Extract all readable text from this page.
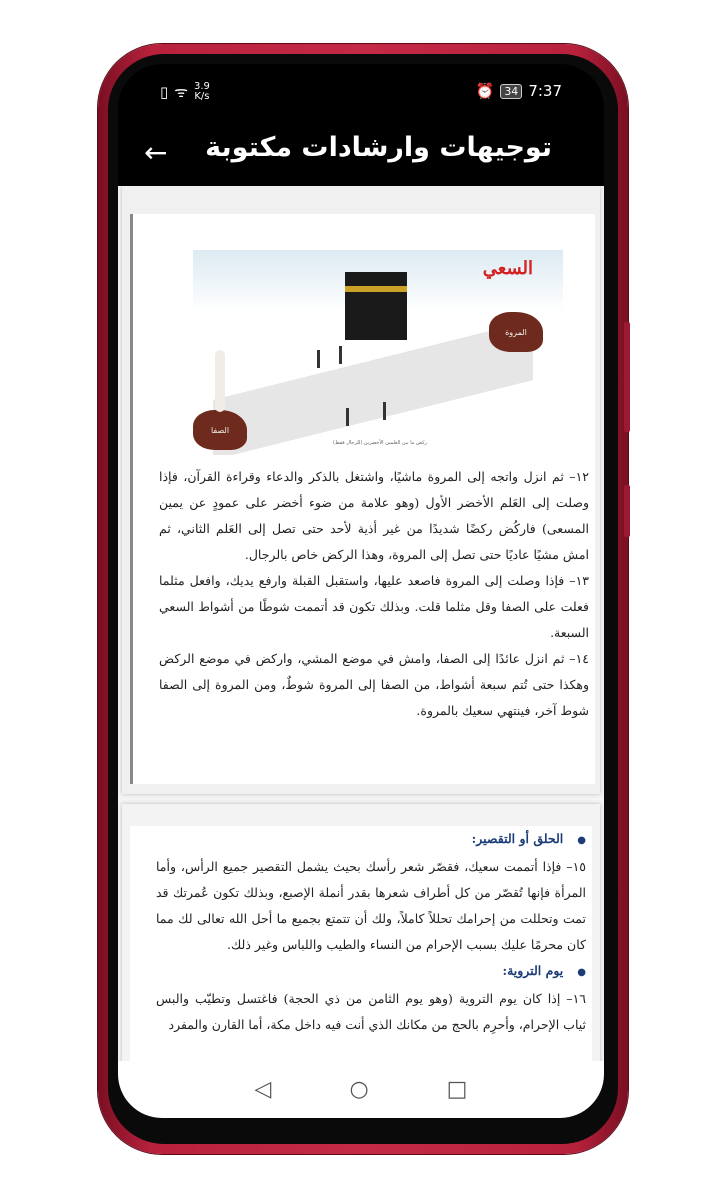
▯ ᯤ 3.9
K/s	⏰ 34 7:37
← توجيهات وارشادات مكتوبة
السعي
المروة
الصفا
ركض ما بين العلمين الأخضرين (للرجال فقط)

١٢– ثم انزل واتجه إلى المروة ماشيًا، واشتغل بالذكر والدعاء وقراءة القرآن، فإذا وصلت إلى العَلم الأخضر الأول (وهو علامة من ضوء أخضر على عمودٍ عن يمين المسعى) فاركُض ركضًا شديدًا من غير أذية لأحد حتى تصل إلى العَلم الثاني، ثم امش مشيًا عاديًا حتى تصل إلى المروة، وهذا الركض خاص بالرجال.

١٣– فإذا وصلت إلى المروة فاصعد عليها، واستقبل القبلة وارفع يديك، وافعل مثلما فعلت على الصفا وقل مثلما قلت. وبذلك تكون قد أتممت شوطًا من أشواط السعي السبعة.

١٤– ثم انزل عائدًا إلى الصفا، وامش في موضع المشي، واركض في موضع الركض وهكذا حتى تُتم سبعة أشواط، من الصفا إلى المروة شوطٌ، ومن المروة إلى الصفا شوط آخر، فينتهي سعيك بالمروة.

● الحلق أو التقصير:

١٥– فإذا أتممت سعيك، فقصّر شعر رأسك بحيث يشمل التقصير جميع الرأس، وأما المرأة فإنها تُقصّر من كل أطراف شعرها بقدر أنملة الإصبع، وبذلك تكون عُمرتك قد تمت وتحللت من إحرامك تحللاً كاملاً، ولك أن تتمتع بجميع ما أحل الله تعالى لك مما كان محرمًا عليك بسبب الإحرام من النساء والطيب واللباس وغير ذلك.

● يوم التروية:

١٦– إذا كان يوم التروية (وهو يوم الثامن من ذي الحجة) فاغتسل وتطيّب والبس ثياب الإحرام، وأحرِم بالحج من مكانك الذي أنت فيه داخل مكة، أما القارن والمفرد

◁	○	□
